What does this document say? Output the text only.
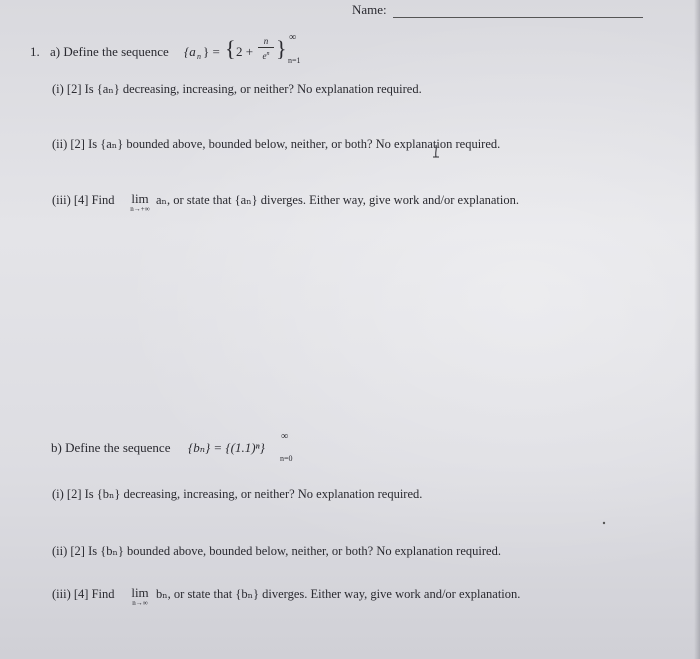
Name:
1. a) Define the sequence {a n } = { 2 +
n
$e^n$ } ∞
n=1
(i) [2] Is {aₙ} decreasing, increasing, or neither? No explanation required.
(ii) [2] Is {aₙ} bounded above, bounded below, neither, or both? No explanation required.
(iii) [4] Find	lim
n→+∞
aₙ, or state that {aₙ} diverges. Either way, give work and/or explanation.
b) Define the sequence {bₙ} = {(1.1)ⁿ}
∞
n=0
(i) [2] Is {bₙ} decreasing, increasing, or neither? No explanation required.
(ii) [2] Is {bₙ} bounded above, bounded below, neither, or both? No explanation required.
(iii) [4] Find	lim
n→∞
bₙ, or state that {bₙ} diverges. Either way, give work and/or explanation.
